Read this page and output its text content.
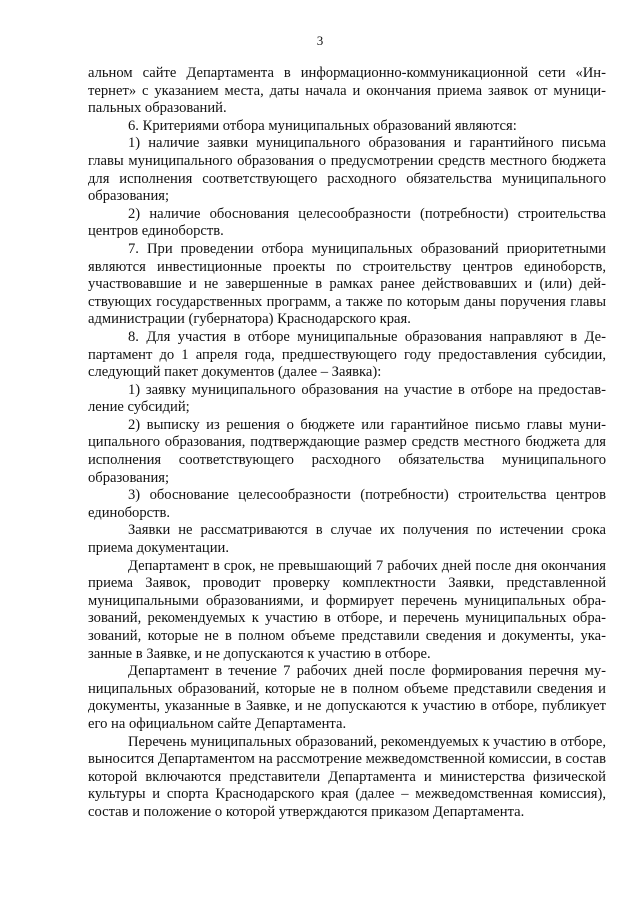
3

альном сайте Департамента в информационно-коммуникационной сети «Интернет» с указанием места, даты начала и окончания приема заявок от муниципальных образований.

6. Критериями отбора муниципальных образований являются:

1) наличие заявки муниципального образования и гарантийного письма главы муниципального образования о предусмотрении средств местного бюджета для исполнения соответствующего расходного обязательства муниципального образования;

2) наличие обоснования целесообразности (потребности) строительства центров единоборств.

7. При проведении отбора муниципальных образований приоритетными являются инвестиционные проекты по строительству центров единоборств, участвовавшие и не завершенные в рамках ранее действовавших и (или) действующих государственных программ, а также по которым даны поручения главы администрации (губернатора) Краснодарского края.

8. Для участия в отборе муниципальные образования направляют в Департамент до 1 апреля года, предшествующего году предоставления субсидии, следующий пакет документов (далее – Заявка):

1) заявку муниципального образования на участие в отборе на предоставление субсидий;

2) выписку из решения о бюджете или гарантийное письмо главы муниципального образования, подтверждающие размер средств местного бюджета для исполнения соответствующего расходного обязательства муниципального образования;

3) обоснование целесообразности (потребности) строительства центров единоборств.

Заявки не рассматриваются в случае их получения по истечении срока приема документации.

Департамент в срок, не превышающий 7 рабочих дней после дня окончания приема Заявок, проводит проверку комплектности Заявки, представленной муниципальными образованиями, и формирует перечень муниципальных образований, рекомендуемых к участию в отборе, и перечень муниципальных образований, которые не в полном объеме представили сведения и документы, указанные в Заявке, и не допускаются к участию в отборе.

Департамент в течение 7 рабочих дней после формирования перечня муниципальных образований, которые не в полном объеме представили сведения и документы, указанные в Заявке, и не допускаются к участию в отборе, публикует его на официальном сайте Департамента.

Перечень муниципальных образований, рекомендуемых к участию в отборе, выносится Департаментом на рассмотрение межведомственной комиссии, в состав которой включаются представители Департамента и министерства физической культуры и спорта Краснодарского края (далее – межведомственная комиссия), состав и положение о которой утверждаются приказом Департамента.
